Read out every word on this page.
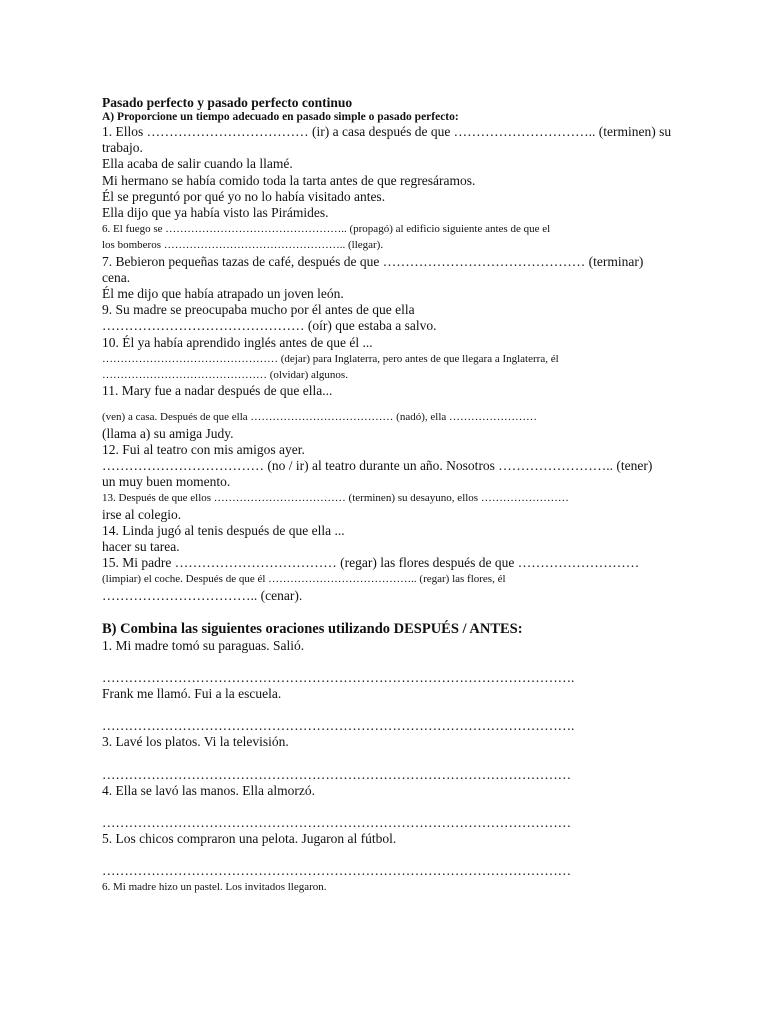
Pasado perfecto y pasado perfecto continuo
A) Proporcione un tiempo adecuado en pasado simple o pasado perfecto:
1. Ellos ……………………………… (ir) a casa después de que ………………………….. (terminen) su
trabajo.
Ella acaba de salir cuando la llamé.
Mi hermano se había comido toda la tarta antes de que regresáramos.
Él se preguntó por qué yo no lo había visitado antes.
Ella dijo que ya había visto las Pirámides.
6. El fuego se ………………………………………….. (propagó) al edificio siguiente antes de que el
los bomberos ………………………………………….. (llegar).
7. Bebieron pequeñas tazas de café, después de que ……………………………………… (terminar)
cena.
Él me dijo que había atrapado un joven león.
9. Su madre se preocupaba mucho por él antes de que ella
……………………………………… (oír) que estaba a salvo.
10. Él ya había aprendido inglés antes de que él ...
………………………………………… (dejar) para Inglaterra, pero antes de que llegara a Inglaterra, él
……………………………………… (olvidar) algunos.
11. Mary fue a nadar después de que ella...
(ven) a casa. Después de que ella ………………………………… (nadó), ella ……………………
(llama a) su amiga Judy.
12. Fui al teatro con mis amigos ayer.
……………………………… (no / ir) al teatro durante un año. Nosotros …………………….. (tener)
un muy buen momento.
13. Después de que ellos ……………………………… (terminen) su desayuno, ellos ……………………
irse al colegio.
14. Linda jugó al tenis después de que ella ...
hacer su tarea.
15. Mi padre ……………………………… (regar) las flores después de que ………………………
(limpiar) el coche. Después de que él ………………………………….. (regar) las flores, él
…………………………….. (cenar).
B) Combina las siguientes oraciones utilizando DESPUÉS / ANTES:
1. Mi madre tomó su paraguas. Salió.
…………………………………………………………………………………………….
Frank me llamó. Fui a la escuela.
…………………………………………………………………………………………….
3. Lavé los platos. Vi la televisión.
……………………………………………………………………………………………
4. Ella se lavó las manos. Ella almorzó.
……………………………………………………………………………………………
5. Los chicos compraron una pelota. Jugaron al fútbol.
……………………………………………………………………………………………
6. Mi madre hizo un pastel. Los invitados llegaron.
